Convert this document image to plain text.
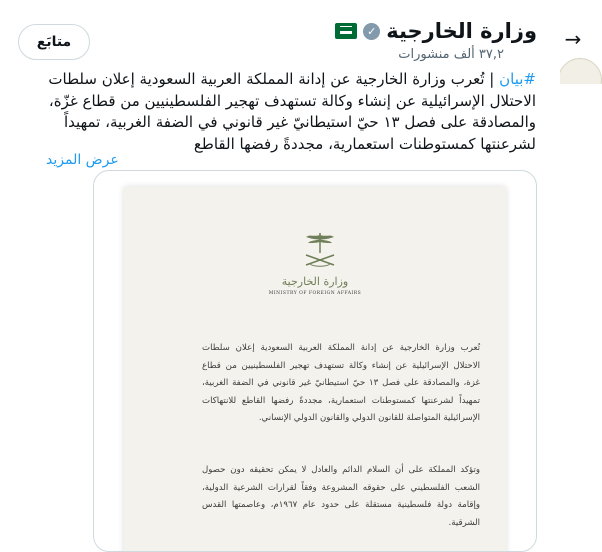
→
وزارة الخارجية
✓
٣٧,٢ ألف منشورات
متابَع
#بيان | تُعرب وزارة الخارجية عن إدانة المملكة العربية السعودية إعلان سلطات الاحتلال الإسرائيلية عن إنشاء وكالة تستهدف تهجير الفلسطينيين من قطاع غزّة، والمصادقة على فصل ١٣ حيّ استيطانيّ غير قانوني في الضفة الغربية، تمهيداً لشرعنتها كمستوطنات استعمارية، مجددةً رفضها القاطع
عرض المزيد
وزارة الخارجية
MINISTRY OF FOREIGN AFFAIRS
تُعرب وزارة الخارجية عن إدانة المملكة العربية السعودية إعلان سلطات الاحتلال الإسرائيلية عن إنشاء وكالة تستهدف تهجير الفلسطينيين من قطاع غزة، والمصادقة على فصل ١٣ حيّ استيطانيّ غير قانوني في الضفة الغربية، تمهيداً لشرعنتها كمستوطنات استعمارية، مجددةً رفضها القاطع للانتهاكات الإسرائيلية المتواصلة للقانون الدولي والقانون الدولي الإنساني.
وتؤكد المملكة على أن السلام الدائم والعادل لا يمكن تحقيقه دون حصول الشعب الفلسطيني على حقوقه المشروعة وفقاً لقرارات الشرعية الدولية، وإقامة دولة فلسطينية مستقلة على حدود عام ١٩٦٧م، وعاصمتها القدس الشرقية.
